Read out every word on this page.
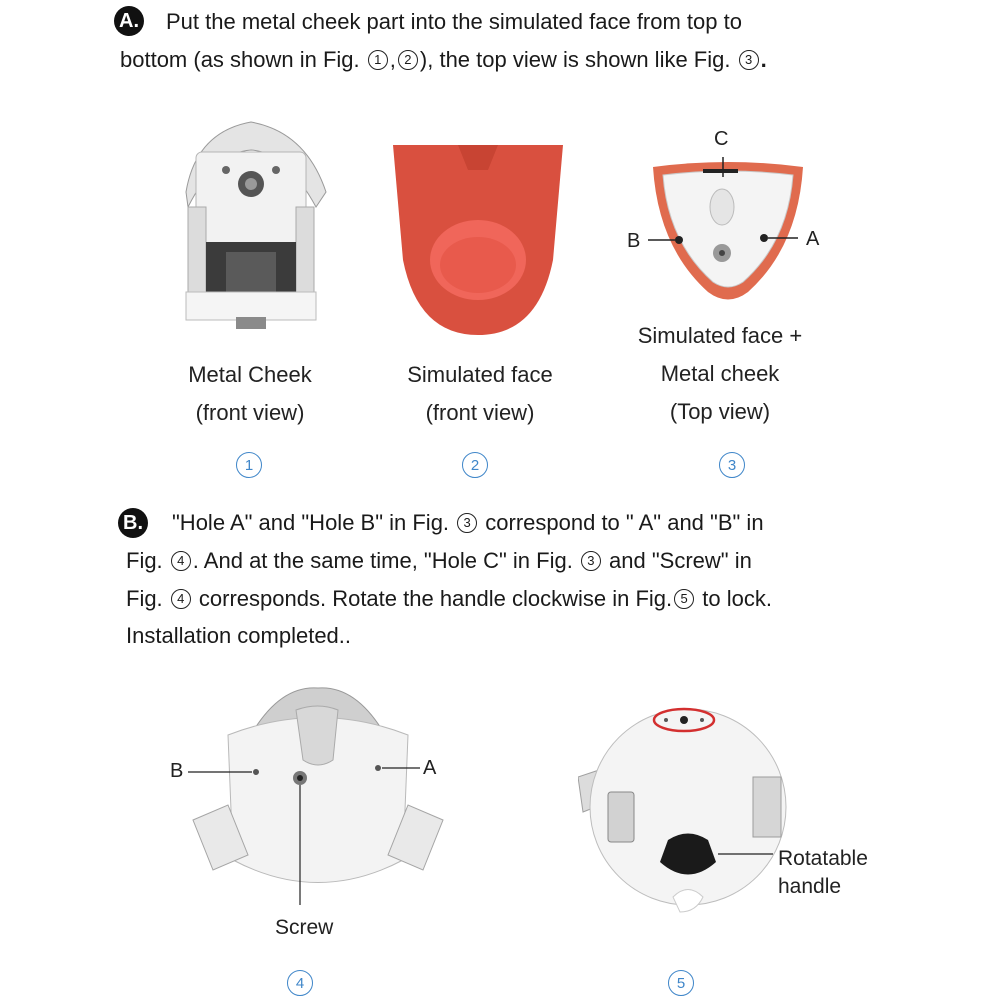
A. Put the metal cheek part into the simulated face from top to

bottom (as shown in Fig. 1 , 2 ), the top view is shown like Fig. 3 .

C
B	A
Metal Cheek
(front view)
Simulated face
(front view)
Simulated face +
Metal cheek
(Top view)
1	2	3
B. "Hole A" and "Hole B" in Fig. 3 correspond to " A" and "B" in

Fig. 4 . And at the same time, "Hole C" in Fig. 3 and "Screw" in

Fig. 4 corresponds. Rotate the handle clockwise in Fig. 5 to lock.

Installation completed..

B	A
Screw
Rotatable
handle
4	5
